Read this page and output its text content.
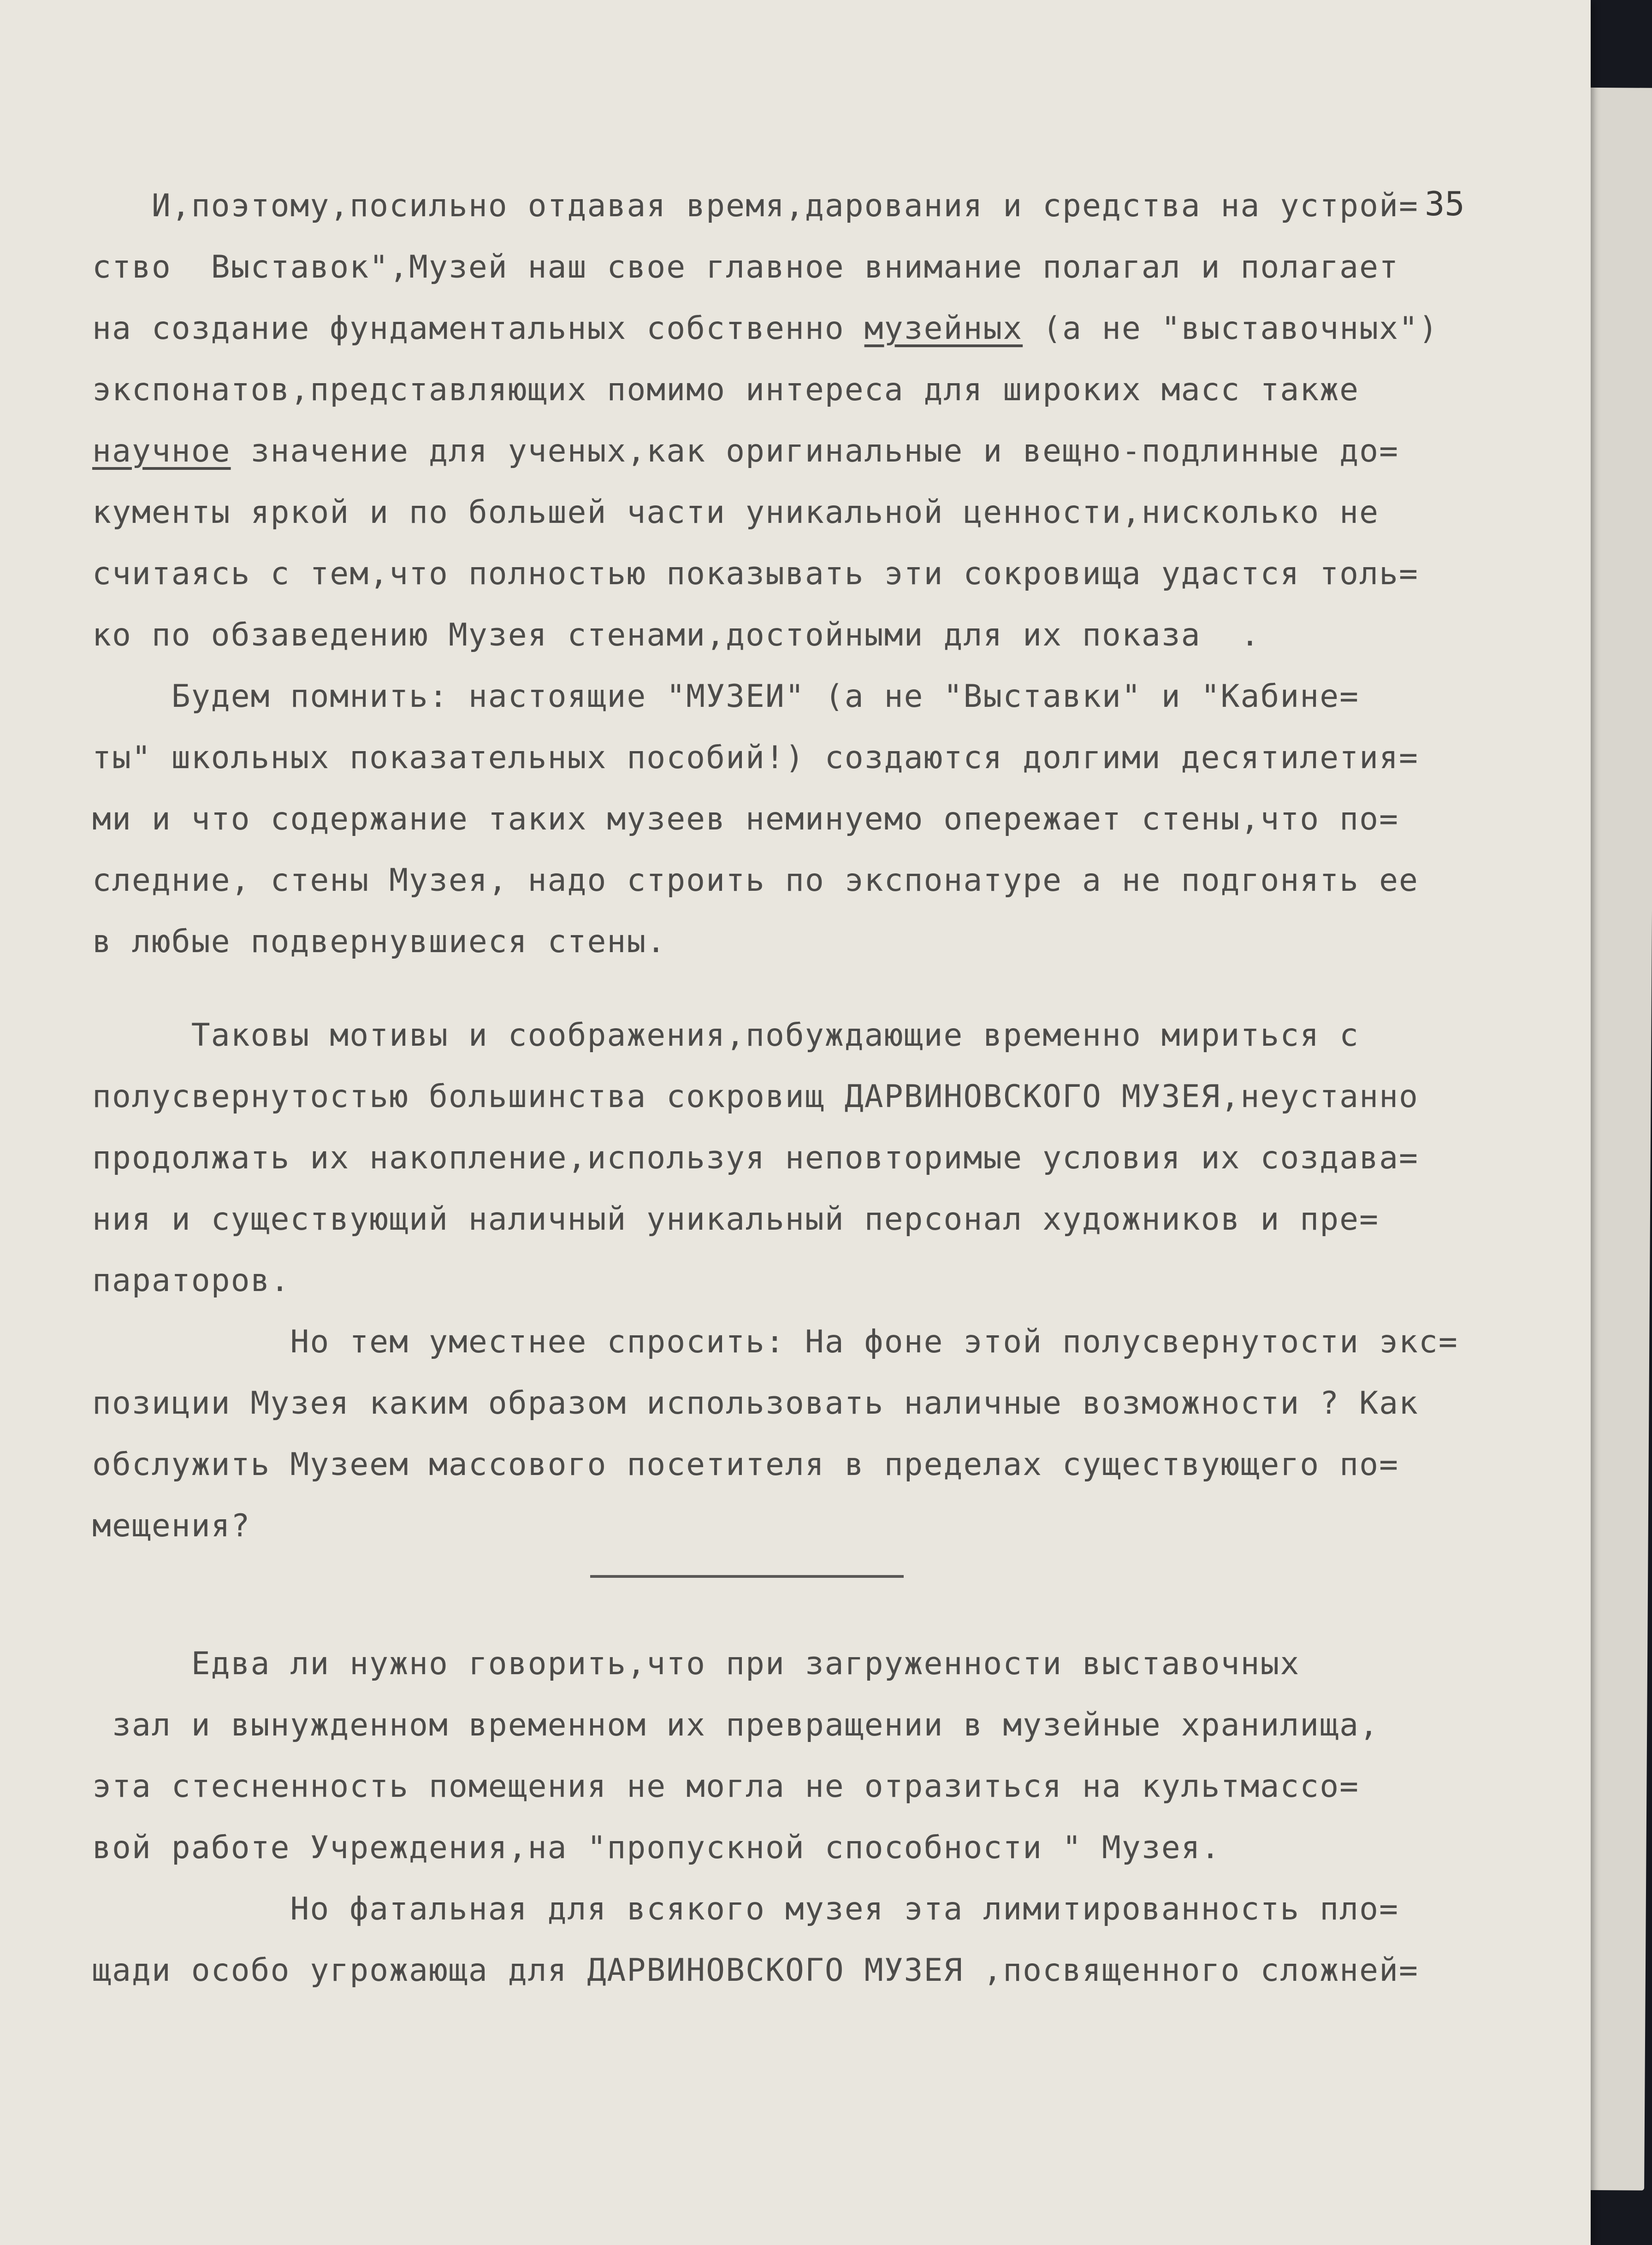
35
И,поэтому,посильно отдавая время,дарования и средства на устрой=
ство  Выставок",Музей наш свое главное внимание полагал и полагает
на создание фундаментальных собственно музейных (а не "выставочных")
экспонатов,представляющих помимо интереса для широких масс также
научное значение для ученых,как оригинальные и вещно-подлинные до=
кументы яркой и по большей части уникальной ценности,нисколько не
считаясь с тем,что полностью показывать эти сокровища удастся толь=
ко по обзаведению Музея стенами,достойными для их показа  .
Будем помнить: настоящие "МУЗЕИ" (а не "Выставки" и "Кабине=
ты" школьных показательных пособий!) создаются долгими десятилетия=
ми и что содержание таких музеев неминуемо опережает стены,что по=
следние, стены Музея, надо строить по экспонатуре а не подгонять ее
в любые подвернувшиеся стены.
Таковы мотивы и соображения,побуждающие временно мириться с
полусвернутостью большинства сокровищ ДАРВИНОВСКОГО МУЗЕЯ,неустанно
продолжать их накопление,используя неповторимые условия их создава=
ния и существующий наличный уникальный персонал художников и пре=
параторов.
Но тем уместнее спросить: На фоне этой полусвернутости экс=
позиции Музея каким образом использовать наличные возможности ? Как
обслужить Музеем массового посетителя в пределах существующего по=
мещения?
Едва ли нужно говорить,что при загруженности выставочных
зал и вынужденном временном их превращении в музейные хранилища,
эта стесненность помещения не могла не отразиться на культмассо=
вой работе Учреждения,на "пропускной способности " Музея.
Но фатальная для всякого музея эта лимитированность пло=
щади особо угрожающа для ДАРВИНОВСКОГО МУЗЕЯ ,посвященного сложней=
